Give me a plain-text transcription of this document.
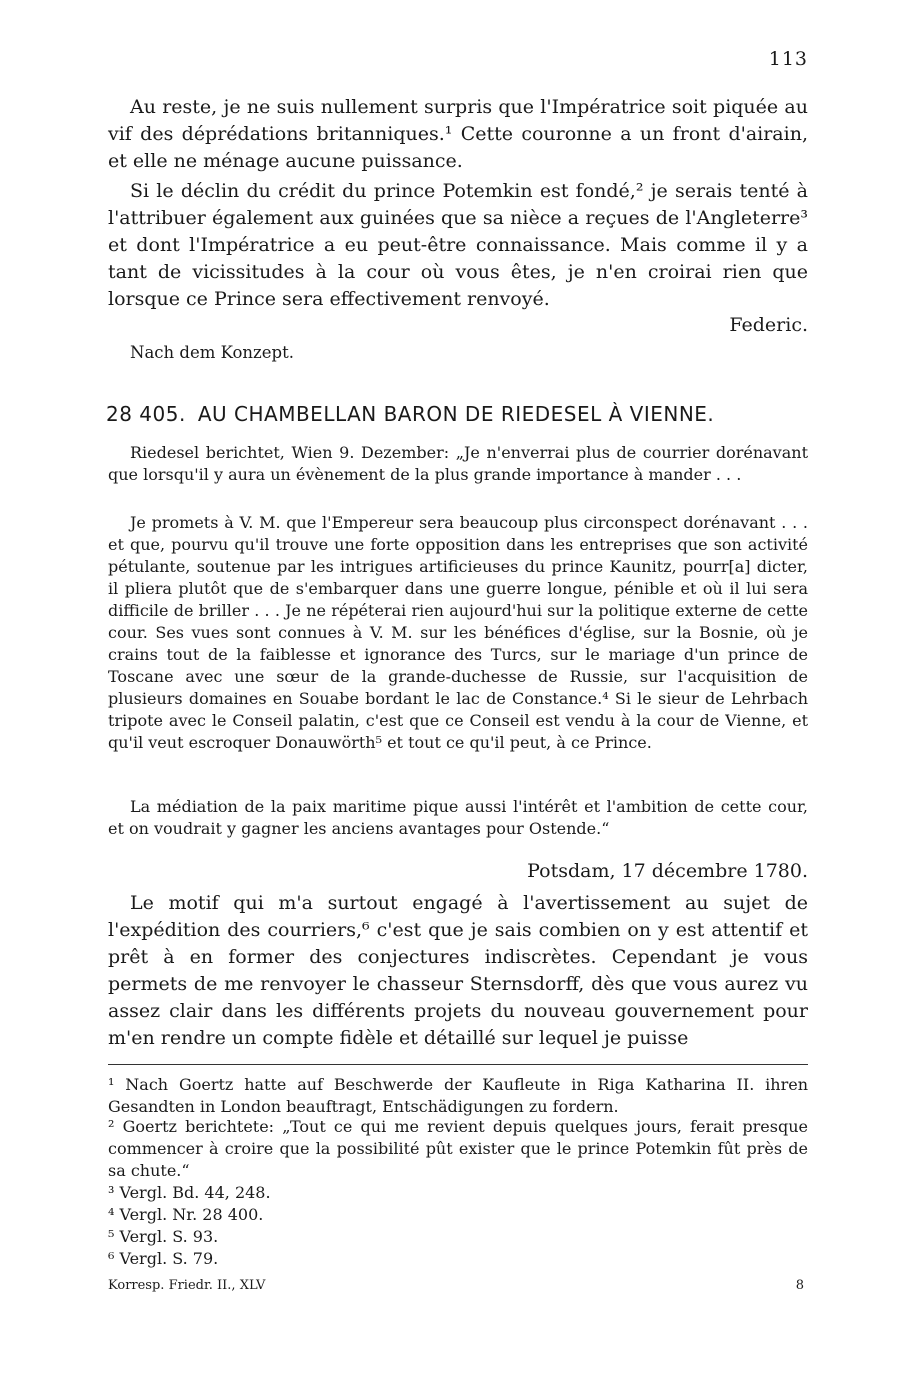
113

Au reste, je ne suis nullement surpris que l'Impératrice soit piquée au vif des déprédations britanniques.¹ Cette couronne a un front d'airain, et elle ne ménage aucune puissance.

Si le déclin du crédit du prince Potemkin est fondé,² je serais tenté à l'attribuer également aux guinées que sa nièce a reçues de l'Angleterre³ et dont l'Impératrice a eu peut-être connaissance. Mais comme il y a tant de vicissitudes à la cour où vous êtes, je n'en croirai rien que lorsque ce Prince sera effectivement renvoyé.

Federic.

Nach dem Konzept.

28 405. AU CHAMBELLAN BARON DE RIEDESEL À VIENNE.

Riedesel berichtet, Wien 9. Dezember: „Je n'enverrai plus de courrier dorénavant que lorsqu'il y aura un évènement de la plus grande importance à mander . . .

Je promets à V. M. que l'Empereur sera beaucoup plus circonspect dorénavant . . . et que, pourvu qu'il trouve une forte opposition dans les entreprises que son activité pétulante, soutenue par les intrigues artificieuses du prince Kaunitz, pourr[a] dicter, il pliera plutôt que de s'embarquer dans une guerre longue, pénible et où il lui sera difficile de briller . . . Je ne répéterai rien aujourd'hui sur la politique externe de cette cour. Ses vues sont connues à V. M. sur les bénéfices d'église, sur la Bosnie, où je crains tout de la faiblesse et ignorance des Turcs, sur le mariage d'un prince de Toscane avec une sœur de la grande-duchesse de Russie, sur l'acquisition de plusieurs domaines en Souabe bordant le lac de Constance.⁴ Si le sieur de Lehrbach tripote avec le Conseil palatin, c'est que ce Conseil est vendu à la cour de Vienne, et qu'il veut escroquer Donauwörth⁵ et tout ce qu'il peut, à ce Prince.

La médiation de la paix maritime pique aussi l'intérêt et l'ambition de cette cour, et on voudrait y gagner les anciens avantages pour Ostende.“

Potsdam, 17 décembre 1780.

Le motif qui m'a surtout engagé à l'avertissement au sujet de l'expédition des courriers,⁶ c'est que je sais combien on y est attentif et prêt à en former des conjectures indiscrètes. Cependant je vous permets de me renvoyer le chasseur Sternsdorff, dès que vous aurez vu assez clair dans les différents projets du nouveau gouvernement pour m'en rendre un compte fidèle et détaillé sur lequel je puisse

¹ Nach Goertz hatte auf Beschwerde der Kaufleute in Riga Katharina II. ihren Gesandten in London beauftragt, Entschädigungen zu fordern.

² Goertz berichtete: „Tout ce qui me revient depuis quelques jours, ferait presque commencer à croire que la possibilité pût exister que le prince Potemkin fût près de sa chute.“

³ Vergl. Bd. 44, 248.

⁴ Vergl. Nr. 28 400.

⁵ Vergl. S. 93.

⁶ Vergl. S. 79.

Korresp. Friedr. II., XLV	8
